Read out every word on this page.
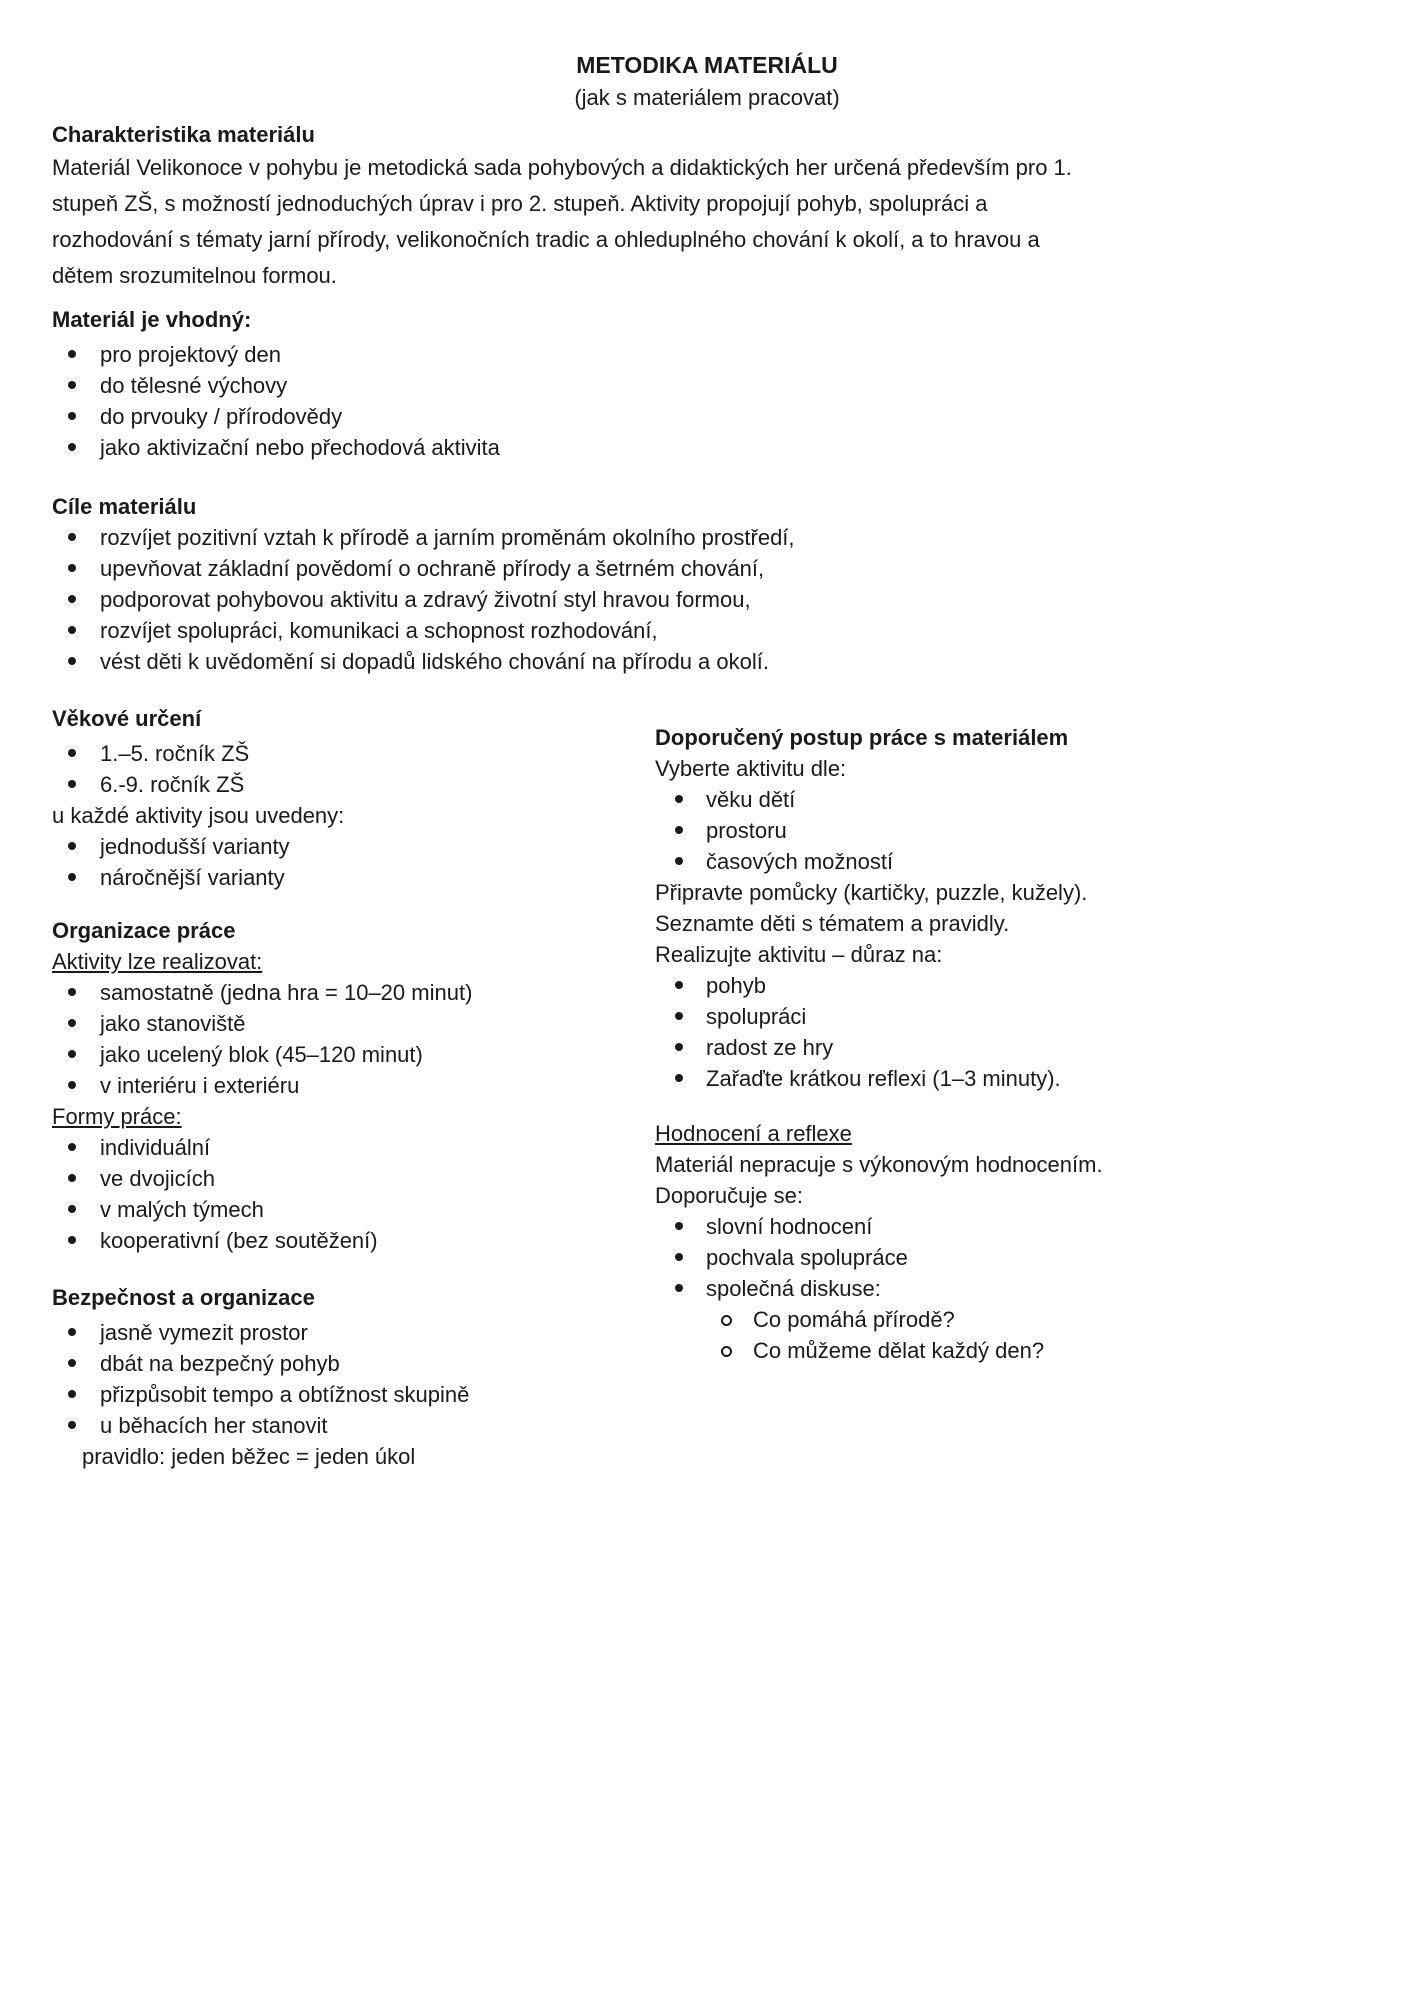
METODIKA MATERIÁLU
(jak s materiálem pracovat)
Charakteristika materiálu

Materiál Velikonoce v pohybu je metodická sada pohybových a didaktických her určená především pro 1. stupeň ZŠ, s možností jednoduchých úprav i pro 2. stupeň. Aktivity propojují pohyb, spolupráci a rozhodování s tématy jarní přírody, velikonočních tradic a ohleduplného chování k okolí, a to hravou a dětem srozumitelnou formou.

Materiál je vhodný:
pro projektový den
do tělesné výchovy
do prvouky / přírodovědy
jako aktivizační nebo přechodová aktivita
Cíle materiálu
rozvíjet pozitivní vztah k přírodě a jarním proměnám okolního prostředí,
upevňovat základní povědomí o ochraně přírody a šetrném chování,
podporovat pohybovou aktivitu a zdravý životní styl hravou formou,
rozvíjet spolupráci, komunikaci a schopnost rozhodování,
vést děti k uvědomění si dopadů lidského chování na přírodu a okolí.
Věkové určení
1.–5. ročník ZŠ
6.-9. ročník ZŠ
u každé aktivity jsou uvedeny:
jednodušší varianty
náročnější varianty
Organizace práce
Aktivity lze realizovat:
samostatně (jedna hra = 10–20 minut)
jako stanoviště
jako ucelený blok (45–120 minut)
v interiéru i exteriéru
Formy práce:
individuální
ve dvojicích
v malých týmech
kooperativní (bez soutěžení)
Bezpečnost a organizace
jasně vymezit prostor
dbát na bezpečný pohyb
přizpůsobit tempo a obtížnost skupině
u běhacích her stanovit
pravidlo: jeden běžec = jeden úkol
Doporučený postup práce s materiálem
Vyberte aktivitu dle:
věku dětí
prostoru
časových možností
Připravte pomůcky (kartičky, puzzle, kužely).
Seznamte děti s tématem a pravidly.
Realizujte aktivitu – důraz na:
pohyb
spolupráci
radost ze hry
Zařaďte krátkou reflexi (1–3 minuty).
Hodnocení a reflexe
Materiál nepracuje s výkonovým hodnocením.
Doporučuje se:
slovní hodnocení
pochvala spolupráce
společná diskuse:
Co pomáhá přírodě?
Co můžeme dělat každý den?
